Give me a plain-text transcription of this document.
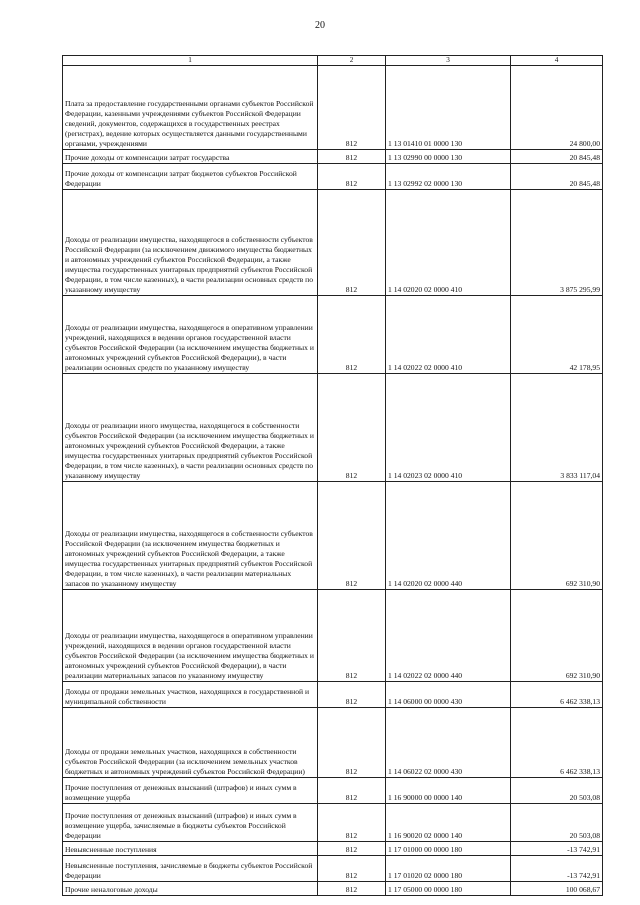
20
1	2	3	4
Плата за предоставление государственными органами субъектов Российской Федерации, казенными учреждениями субъектов Российской Федерации сведений, документов, содержащихся в государственных реестрах (регистрах), ведение которых осуществляется данными государственными органами, учреждениями	812	1 13 01410 01 0000 130	24 800,00
Прочие доходы от компенсации затрат государства	812	1 13 02990 00 0000 130	20 845,48
Прочие доходы от компенсации затрат бюджетов субъектов Российской Федерации	812	1 13 02992 02 0000 130	20 845,48
Доходы от реализации имущества, находящегося в собственности субъектов Российской Федерации (за исключением движимого имущества бюджетных и автономных учреждений субъектов Российской Федерации, а также имущества государственных унитарных предприятий субъектов Российской Федерации, в том числе казенных), в части реализации основных средств по указанному имуществу	812	1 14 02020 02 0000 410	3 875 295,99
Доходы от реализации имущества, находящегося в оперативном управлении учреждений, находящихся в ведении органов государственной власти субъектов Российской Федерации (за исключением имущества бюджетных и автономных учреждений субъектов Российской Федерации), в части реализации основных средств по указанному имуществу	812	1 14 02022 02 0000 410	42 178,95
Доходы от реализации иного имущества, находящегося в собственности субъектов Российской Федерации (за исключением имущества бюджетных и автономных учреждений субъектов Российской Федерации, а также имущества государственных унитарных предприятий субъектов Российской Федерации, в том числе казенных), в части реализации основных средств по указанному имуществу	812	1 14 02023 02 0000 410	3 833 117,04
Доходы от реализации имущества, находящегося в собственности субъектов Российской Федерации (за исключением имущества бюджетных и автономных учреждений субъектов Российской Федерации, а также имущества государственных унитарных предприятий субъектов Российской Федерации, в том числе казенных), в части реализации материальных запасов по указанному имуществу	812	1 14 02020 02 0000 440	692 310,90
Доходы от реализации имущества, находящегося в оперативном управлении учреждений, находящихся в ведении органов государственной власти субъектов Российской Федерации (за исключением имущества бюджетных и автономных учреждений субъектов Российской Федерации), в части реализации материальных запасов по указанному имуществу	812	1 14 02022 02 0000 440	692 310,90
Доходы от продажи земельных участков, находящихся в государственной и муниципальной собственности	812	1 14 06000 00 0000 430	6 462 338,13
Доходы от продажи земельных участков, находящихся в собственности субъектов Российской Федерации (за исключением земельных участков бюджетных и автономных учреждений субъектов Российской Федерации)	812	1 14 06022 02 0000 430	6 462 338,13
Прочие поступления от денежных взысканий (штрафов) и иных сумм в возмещение ущерба	812	1 16 90000 00 0000 140	20 503,08
Прочие поступления от денежных взысканий (штрафов) и иных сумм в возмещение ущерба, зачисляемые в бюджеты субъектов Российской Федерации	812	1 16 90020 02 0000 140	20 503,08
Невыясненные поступления	812	1 17 01000 00 0000 180	-13 742,91
Невыясненные поступления, зачисляемые в бюджеты субъектов Российской Федерации	812	1 17 01020 02 0000 180	-13 742,91
Прочие неналоговые доходы	812	1 17 05000 00 0000 180	100 068,67
